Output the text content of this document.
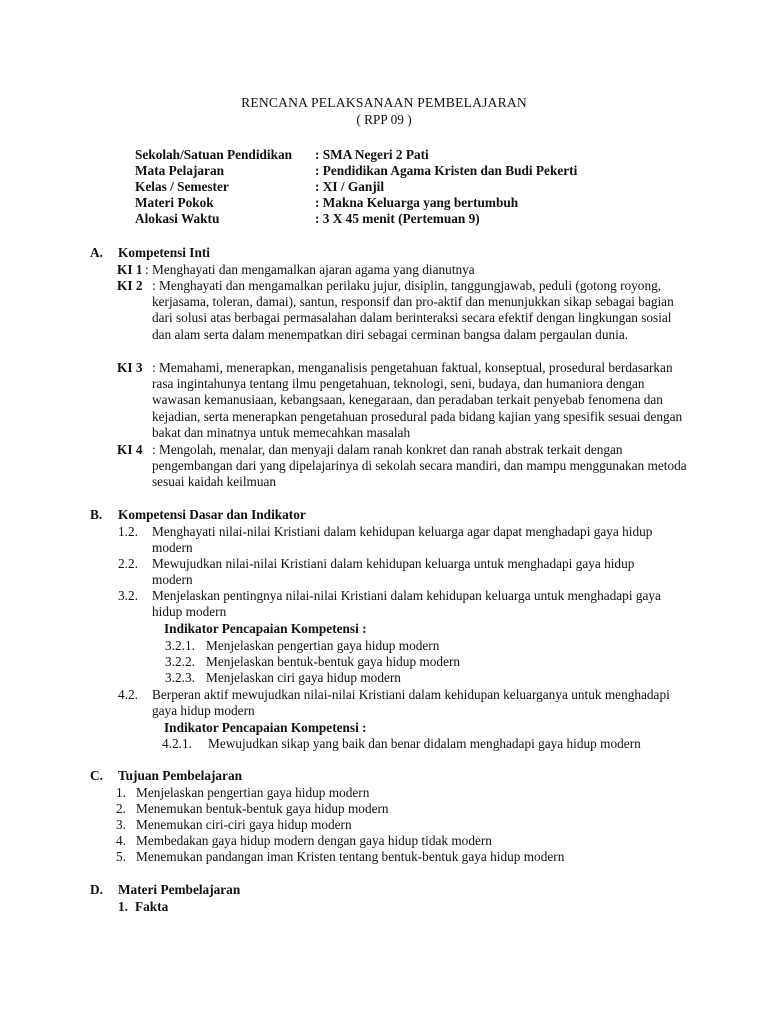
RENCANA PELAKSANAAN PEMBELAJARAN
( RPP 09 )
Sekolah/Satuan Pendidikan : SMA Negeri 2 Pati
Mata Pelajaran	: Pendidikan Agama Kristen dan Budi Pekerti
Kelas / Semester	: XI / Ganjil
Materi Pokok	: Makna Keluarga yang bertumbuh
Alokasi Waktu	: 3 X 45 menit (Pertemuan 9)
A. Kompetensi Inti
KI 1 : Menghayati dan mengamalkan ajaran agama yang dianutnya
KI 2 : Menghayati dan mengamalkan perilaku jujur, disiplin, tanggungjawab, peduli (gotong royong, kerjasama, toleran, damai), santun, responsif dan pro-aktif dan menunjukkan sikap sebagai bagian dari solusi atas berbagai permasalahan dalam berinteraksi secara efektif dengan lingkungan sosial dan alam serta dalam menempatkan diri sebagai cerminan bangsa dalam pergaulan dunia.
KI 3 : Memahami, menerapkan, menganalisis pengetahuan faktual, konseptual, prosedural berdasarkan rasa ingintahunya tentang ilmu pengetahuan, teknologi, seni, budaya, dan humaniora dengan wawasan kemanusiaan, kebangsaan, kenegaraan, dan peradaban terkait penyebab fenomena dan kejadian, serta menerapkan pengetahuan prosedural pada bidang kajian yang spesifik sesuai dengan bakat dan minatnya untuk memecahkan masalah
KI 4 : Mengolah, menalar, dan menyaji dalam ranah konkret dan ranah abstrak terkait dengan pengembangan dari yang dipelajarinya di sekolah secara mandiri, dan mampu menggunakan metoda sesuai kaidah keilmuan
B. Kompetensi Dasar dan Indikator
1.2. Menghayati nilai-nilai Kristiani dalam kehidupan keluarga agar dapat menghadapi gaya hidup modern
2.2. Mewujudkan nilai-nilai Kristiani dalam kehidupan keluarga untuk menghadapi gaya hidup modern
3.2. Menjelaskan pentingnya nilai-nilai Kristiani dalam kehidupan keluarga untuk menghadapi gaya hidup modern
Indikator Pencapaian Kompetensi :
3.2.1. Menjelaskan pengertian gaya hidup modern
3.2.2. Menjelaskan bentuk-bentuk gaya hidup modern
3.2.3. Menjelaskan ciri gaya hidup modern
4.2. Berperan aktif mewujudkan nilai-nilai Kristiani dalam kehidupan keluarganya untuk menghadapi gaya hidup modern
Indikator Pencapaian Kompetensi :
4.2.1. Mewujudkan sikap yang baik dan benar didalam menghadapi gaya hidup modern
C. Tujuan Pembelajaran
1. Menjelaskan pengertian gaya hidup modern
2. Menemukan bentuk-bentuk gaya hidup modern
3. Menemukan ciri-ciri gaya hidup modern
4. Membedakan gaya hidup modern dengan gaya hidup tidak modern
5. Menemukan pandangan iman Kristen tentang bentuk-bentuk gaya hidup modern
D. Materi Pembelajaran
1. Fakta
